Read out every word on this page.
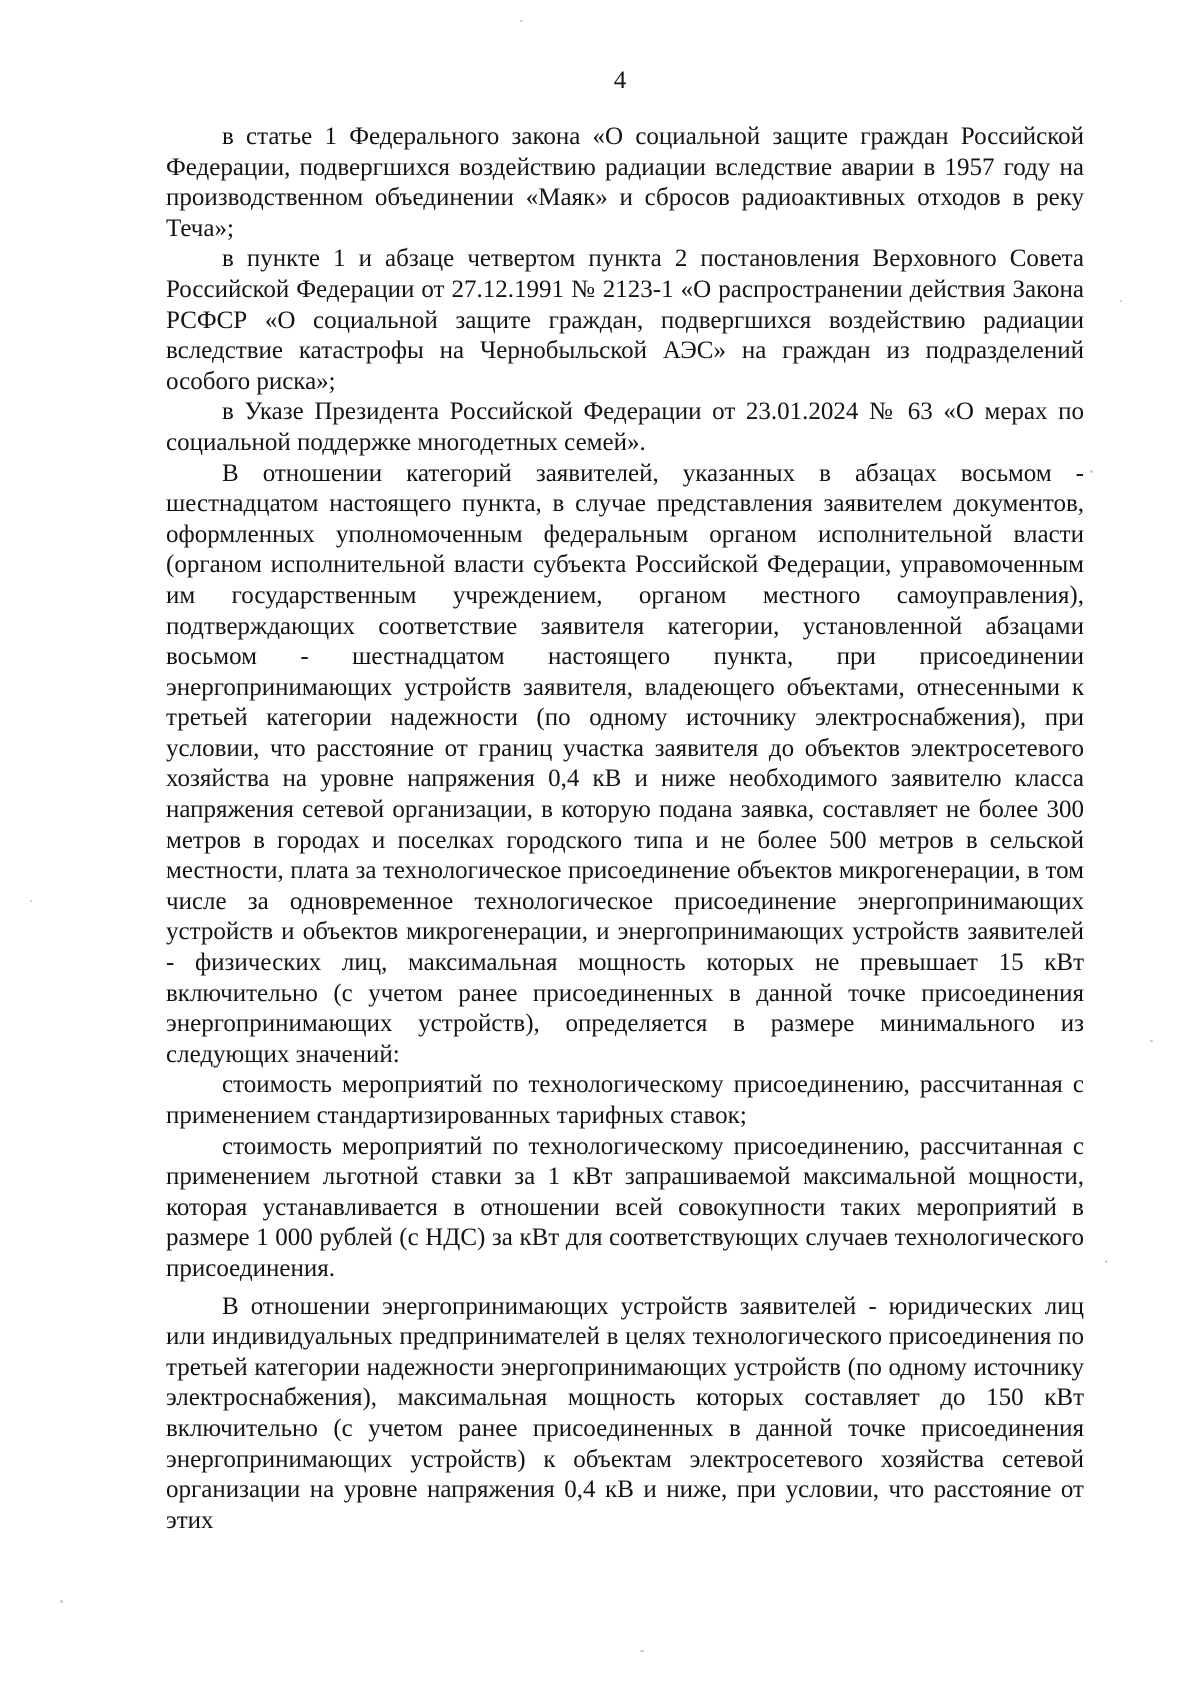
4

в статье 1 Федерального закона «О социальной защите граждан Российской Федерации, подвергшихся воздействию радиации вследствие аварии в 1957 году на производственном объединении «Маяк» и сбросов радиоактивных отходов в реку Теча»;

в пункте 1 и абзаце четвертом пункта 2 постановления Верховного Совета Российской Федерации от 27.12.1991 № 2123-1 «О распространении действия Закона РСФСР «О социальной защите граждан, подвергшихся воздействию радиации вследствие катастрофы на Чернобыльской АЭС» на граждан из подразделений особого риска»;

в Указе Президента Российской Федерации от 23.01.2024 № 63 «О мерах по социальной поддержке многодетных семей».

В отношении категорий заявителей, указанных в абзацах восьмом - шестнадцатом настоящего пункта, в случае представления заявителем документов, оформленных уполномоченным федеральным органом исполнительной власти (органом исполнительной власти субъекта Российской Федерации, управомоченным им государственным учреждением, органом местного самоуправления), подтверждающих соответствие заявителя категории, установленной абзацами восьмом - шестнадцатом настоящего пункта, при присоединении энергопринимающих устройств заявителя, владеющего объектами, отнесенными к третьей категории надежности (по одному источнику электроснабжения), при условии, что расстояние от границ участка заявителя до объектов электросетевого хозяйства на уровне напряжения 0,4 кВ и ниже необходимого заявителю класса напряжения сетевой организации, в которую подана заявка, составляет не более 300 метров в городах и поселках городского типа и не более 500 метров в сельской местности, плата за технологическое присоединение объектов микрогенерации, в том числе за одновременное технологическое присоединение энергопринимающих устройств и объектов микрогенерации, и энергопринимающих устройств заявителей - физических лиц, максимальная мощность которых не превышает 15 кВт включительно (с учетом ранее присоединенных в данной точке присоединения энергопринимающих устройств), определяется в размере минимального из следующих значений:

стоимость мероприятий по технологическому присоединению, рассчитанная с применением стандартизированных тарифных ставок;

стоимость мероприятий по технологическому присоединению, рассчитанная с применением льготной ставки за 1 кВт запрашиваемой максимальной мощности, которая устанавливается в отношении всей совокупности таких мероприятий в размере 1 000 рублей (с НДС) за кВт для соответствующих случаев технологического присоединения.

В отношении энергопринимающих устройств заявителей - юридических лиц или индивидуальных предпринимателей в целях технологического присоединения по третьей категории надежности энергопринимающих устройств (по одному источнику электроснабжения), максимальная мощность которых составляет до 150 кВт включительно (с учетом ранее присоединенных в данной точке присоединения энергопринимающих устройств) к объектам электросетевого хозяйства сетевой организации на уровне напряжения 0,4 кВ и ниже, при условии, что расстояние от этих
